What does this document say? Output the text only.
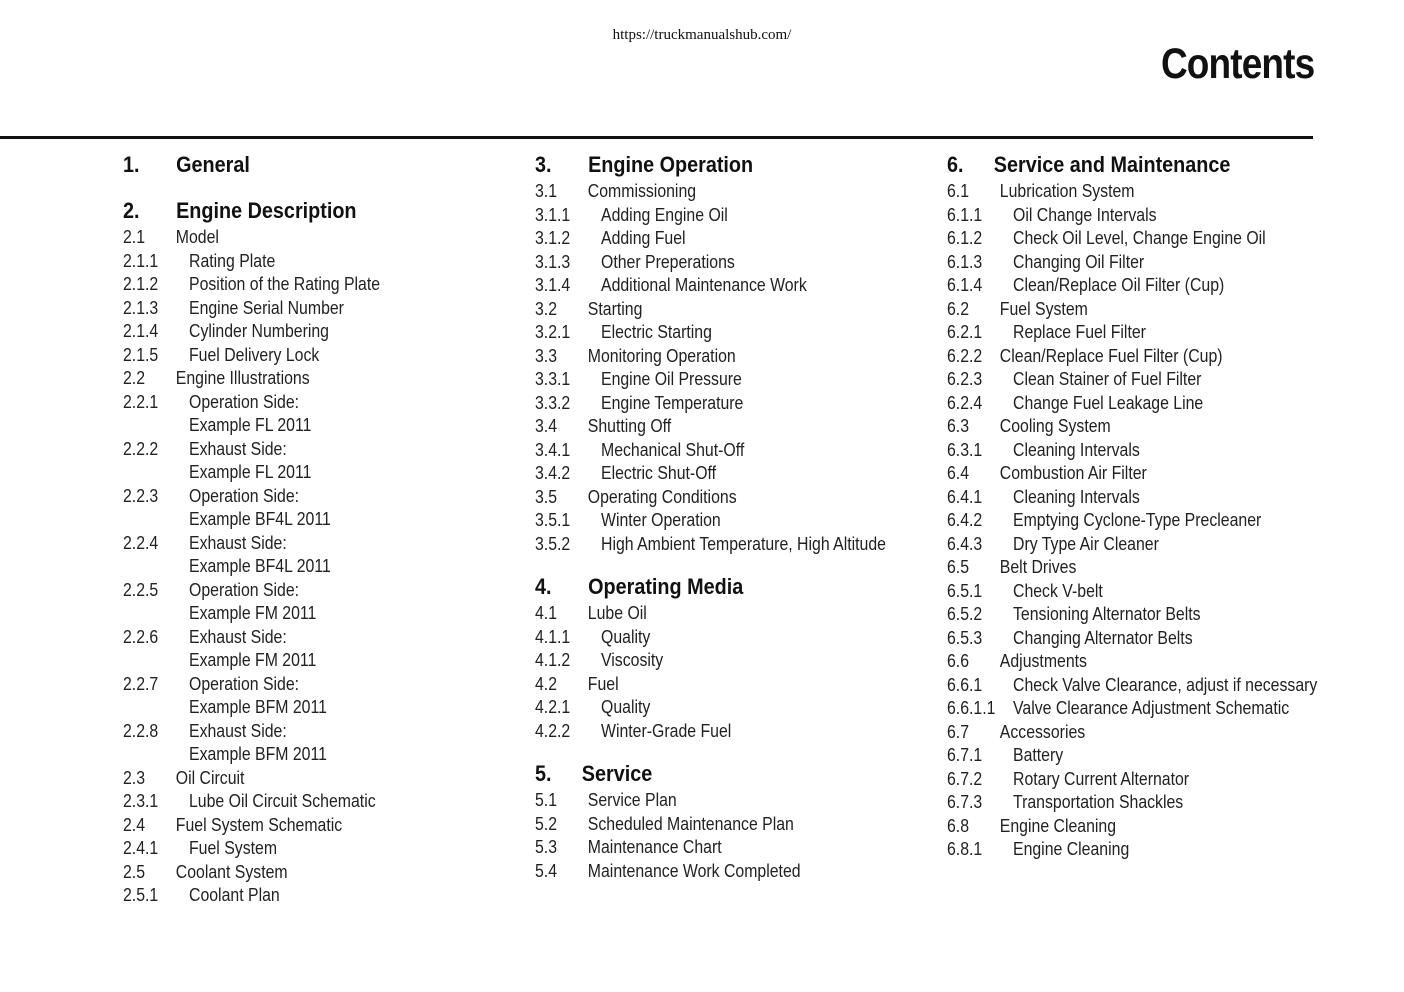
https://truckmanualshub.com/
Contents
1.	General
2.	Engine Description
2.1	Model
2.1.1	Rating Plate
2.1.2	Position of the Rating Plate
2.1.3	Engine Serial Number
2.1.4	Cylinder Numbering
2.1.5	Fuel Delivery Lock
2.2	Engine Illustrations
2.2.1	Operation Side:
Example FL 2011
2.2.2	Exhaust Side:
Example FL 2011
2.2.3	Operation Side:
Example BF4L 2011
2.2.4	Exhaust Side:
Example BF4L 2011
2.2.5	Operation Side:
Example FM 2011
2.2.6	Exhaust Side:
Example FM 2011
2.2.7	Operation Side:
Example BFM 2011
2.2.8	Exhaust Side:
Example BFM 2011
2.3	Oil Circuit
2.3.1	Lube Oil Circuit Schematic
2.4	Fuel System Schematic
2.4.1	Fuel System
2.5	Coolant System
2.5.1	Coolant Plan
3.	Engine Operation
3.1	Commissioning
3.1.1	Adding Engine Oil
3.1.2	Adding Fuel
3.1.3	Other Preperations
3.1.4	Additional Maintenance Work
3.2	Starting
3.2.1	Electric Starting
3.3	Monitoring Operation
3.3.1	Engine Oil Pressure
3.3.2	Engine Temperature
3.4	Shutting Off
3.4.1	Mechanical Shut-Off
3.4.2	Electric Shut-Off
3.5	Operating Conditions
3.5.1	Winter Operation
3.5.2	High Ambient Temperature, High Altitude
4.	Operating Media
4.1	Lube Oil
4.1.1	Quality
4.1.2	Viscosity
4.2	Fuel
4.2.1	Quality
4.2.2	Winter-Grade Fuel
5.	Service
5.1	Service Plan
5.2	Scheduled Maintenance Plan
5.3	Maintenance Chart
5.4	Maintenance Work Completed
6.	Service and Maintenance
6.1	Lubrication System
6.1.1	Oil Change Intervals
6.1.2	Check Oil Level, Change Engine Oil
6.1.3	Changing Oil Filter
6.1.4	Clean/Replace Oil Filter (Cup)
6.2	Fuel System
6.2.1	Replace Fuel Filter
6.2.2 Clean/Replace Fuel Filter (Cup)
6.2.3	Clean Stainer of Fuel Filter
6.2.4	Change Fuel Leakage Line
6.3	Cooling System
6.3.1	Cleaning Intervals
6.4	Combustion Air Filter
6.4.1	Cleaning Intervals
6.4.2	Emptying Cyclone-Type Precleaner
6.4.3	Dry Type Air Cleaner
6.5	Belt Drives
6.5.1	Check V-belt
6.5.2	Tensioning Alternator Belts
6.5.3	Changing Alternator Belts
6.6	Adjustments
6.6.1	Check Valve Clearance, adjust if necessary
6.6.1.1 Valve Clearance Adjustment Schematic
6.7	Accessories
6.7.1	Battery
6.7.2	Rotary Current Alternator
6.7.3	Transportation Shackles
6.8	Engine Cleaning
6.8.1	Engine Cleaning
